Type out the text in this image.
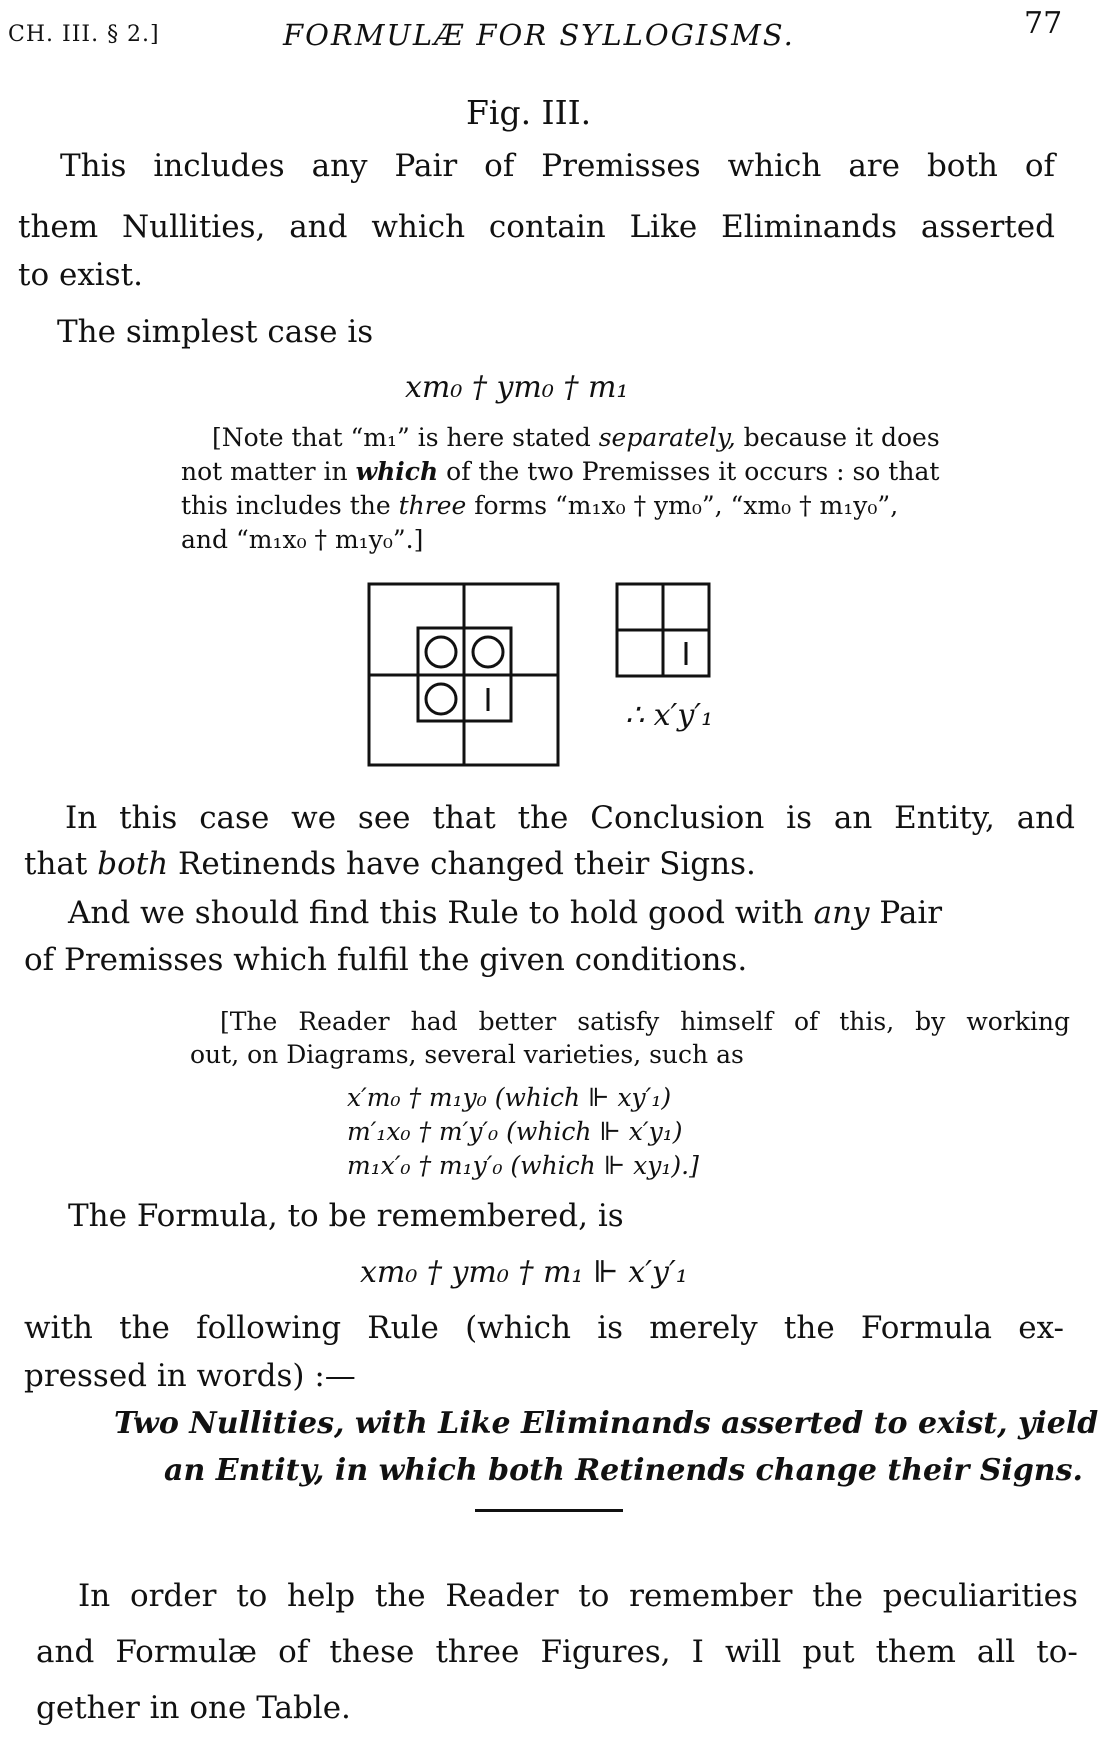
CH. III. § 2.]	FORMULÆ FOR SYLLOGISMS.	77
Fig. III.
This includes any Pair of Premisses which are both of
them Nullities, and which contain Like Eliminands asserted
to exist.
The simplest case is
xm₀ † ym₀ † m₁
[Note that “m₁” is here stated separately, because it does
not matter in which of the two Premisses it occurs : so that
this includes the three forms “m₁x₀ † ym₀”, “xm₀ † m₁y₀”,
and “m₁x₀ † m₁y₀”.]
∴ x′y′₁
In this case we see that the Conclusion is an Entity, and
that both Retinends have changed their Signs.
And we should find this Rule to hold good with any Pair
of Premisses which fulfil the given conditions.
[The Reader had better satisfy himself of this, by working
out, on Diagrams, several varieties, such as
x′m₀ † m₁y₀ (which ⊩ xy′₁)
m′₁x₀ † m′y′₀ (which ⊩ x′y₁)
m₁x′₀ † m₁y′₀ (which ⊩ xy₁).]
The Formula, to be remembered, is
xm₀ † ym₀ † m₁ ⊩ x′y′₁
with the following Rule (which is merely the Formula ex-
pressed in words) :—
Two Nullities, with Like Eliminands asserted to exist, yield
an Entity, in which both Retinends change their Signs.
In order to help the Reader to remember the peculiarities
and Formulæ of these three Figures, I will put them all to-
gether in one Table.
